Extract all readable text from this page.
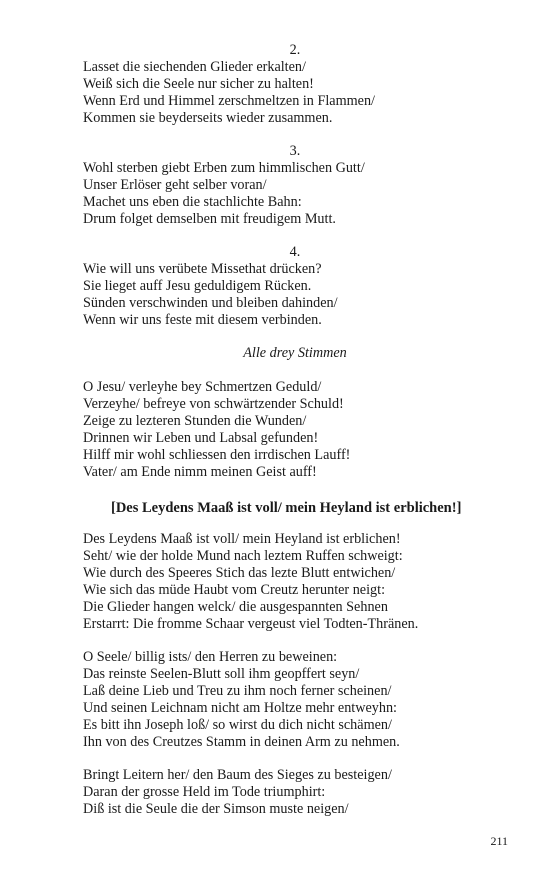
2.
Lasset die siechenden Glieder erkalten/
Weiß sich die Seele nur sicher zu halten!
Wenn Erd und Himmel zerschmeltzen in Flammen/
Kommen sie beyderseits wieder zusammen.
3.
Wohl sterben giebt Erben zum himmlischen Gutt/
Unser Erlöser geht selber voran/
Machet uns eben die stachlichte Bahn:
Drum folget demselben mit freudigem Mutt.
4.
Wie will uns verübete Missethat drücken?
Sie lieget auff Jesu geduldigem Rücken.
Sünden verschwinden und bleiben dahinden/
Wenn wir uns feste mit diesem verbinden.
Alle drey Stimmen
O Jesu/ verleyhe bey Schmertzen Geduld/
Verzeyhe/ befreye von schwärtzender Schuld!
Zeige zu lezteren Stunden die Wunden/
Drinnen wir Leben und Labsal gefunden!
Hilff mir wohl schliessen den irrdischen Lauff!
Vater/ am Ende nimm meinen Geist auff!
[Des Leydens Maaß ist voll/ mein Heyland ist erblichen!]
Des Leydens Maaß ist voll/ mein Heyland ist erblichen!
Seht/ wie der holde Mund nach leztem Ruffen schweigt:
Wie durch des Speeres Stich das lezte Blutt entwichen/
Wie sich das müde Haubt vom Creutz herunter neigt:
Die Glieder hangen welck/ die ausgespannten Sehnen
Erstarrt: Die fromme Schaar vergeust viel Todten-Thränen.
O Seele/ billig ists/ den Herren zu beweinen:
Das reinste Seelen-Blutt soll ihm geopffert seyn/
Laß deine Lieb und Treu zu ihm noch ferner scheinen/
Und seinen Leichnam nicht am Holtze mehr entweyhn:
Es bitt ihn Joseph loß/ so wirst du dich nicht schämen/
Ihn von des Creutzes Stamm in deinen Arm zu nehmen.
Bringt Leitern her/ den Baum des Sieges zu besteigen/
Daran der grosse Held im Tode triumphirt:
Diß ist die Seule die der Simson muste neigen/
211
